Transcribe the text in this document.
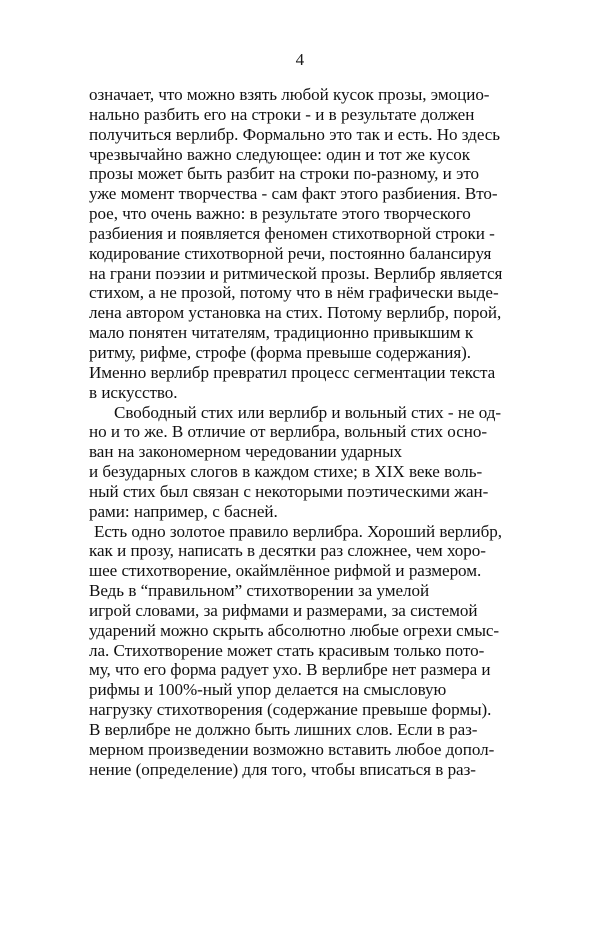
4
означает, что можно взять любой кусок прозы, эмоцио-
нально разбить его на строки - и в результате должен
получиться верлибр. Формально это так и есть. Но здесь
чрезвычайно важно следующее: один и тот же кусок
прозы может быть разбит на строки по-разному, и это
уже момент творчества - сам факт этого разбиения. Вто-
рое, что очень важно: в результате этого творческого
разбиения и появляется феномен стихотворной строки -
кодирование стихотворной речи, постоянно балансируя
на грани поэзии и ритмической прозы. Верлибр является
стихом, а не прозой, потому что в нём графически выде-
лена автором установка на стих. Потому верлибр, порой,
мало понятен читателям, традиционно привыкшим к
ритму, рифме, строфе (форма превыше содержания).
Именно верлибр превратил процесс сегментации текста
в искусство.
Свободный стих или верлибр и вольный стих - не од-
но и то же. В отличие от верлибра, вольный стих осно-
ван на закономерном чередовании ударных
и безударных слогов в каждом стихе; в XIX веке воль-
ный стих был связан с некоторыми поэтическими жан-
рами: например, с басней.
Есть одно золотое правило верлибра. Хороший верлибр,
как и прозу, написать в десятки раз сложнее, чем хоро-
шее стихотворение, окаймлённое рифмой и размером.
Ведь в “правильном” стихотворении за умелой
игрой словами, за рифмами и размерами, за системой
ударений можно скрыть абсолютно любые огрехи смыс-
ла. Стихотворение может стать красивым только пото-
му, что его форма радует ухо. В верлибре нет размера и
рифмы и 100%-ный упор делается на смысловую
нагрузку стихотворения (содержание превыше формы).
В верлибре не должно быть лишних слов. Если в раз-
мерном произведении возможно вставить любое допол-
нение (определение) для того, чтобы вписаться в раз-
